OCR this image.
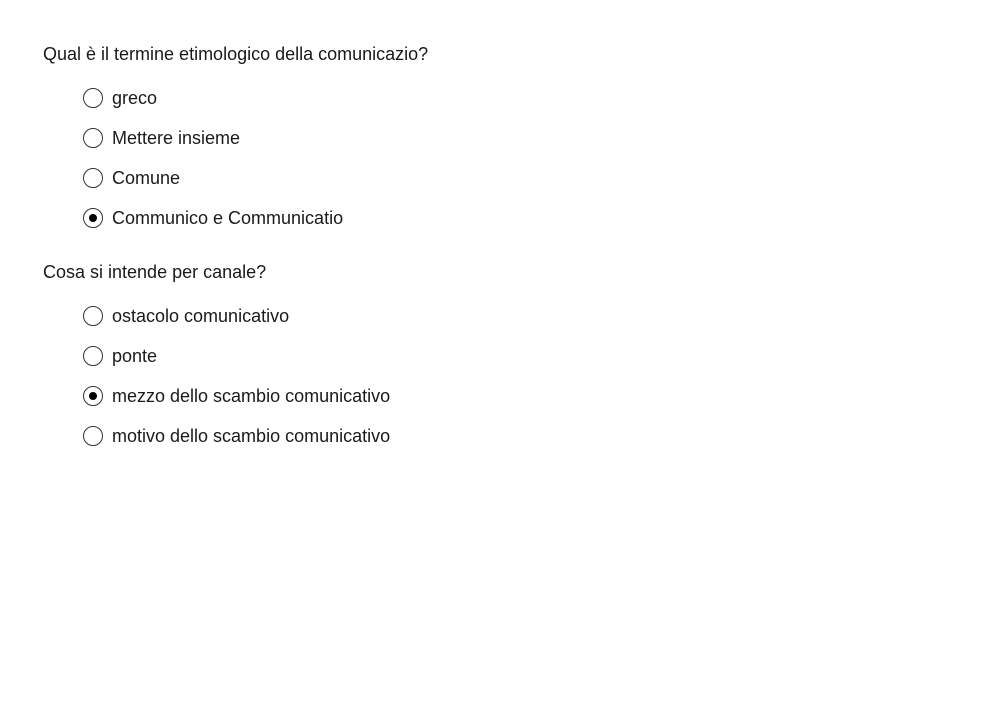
Qual è il termine etimologico della comunicazio?

greco
Mettere insieme
Comune
Communico e Communicatio

Cosa si intende per canale?

ostacolo comunicativo
ponte
mezzo dello scambio comunicativo
motivo dello scambio comunicativo
